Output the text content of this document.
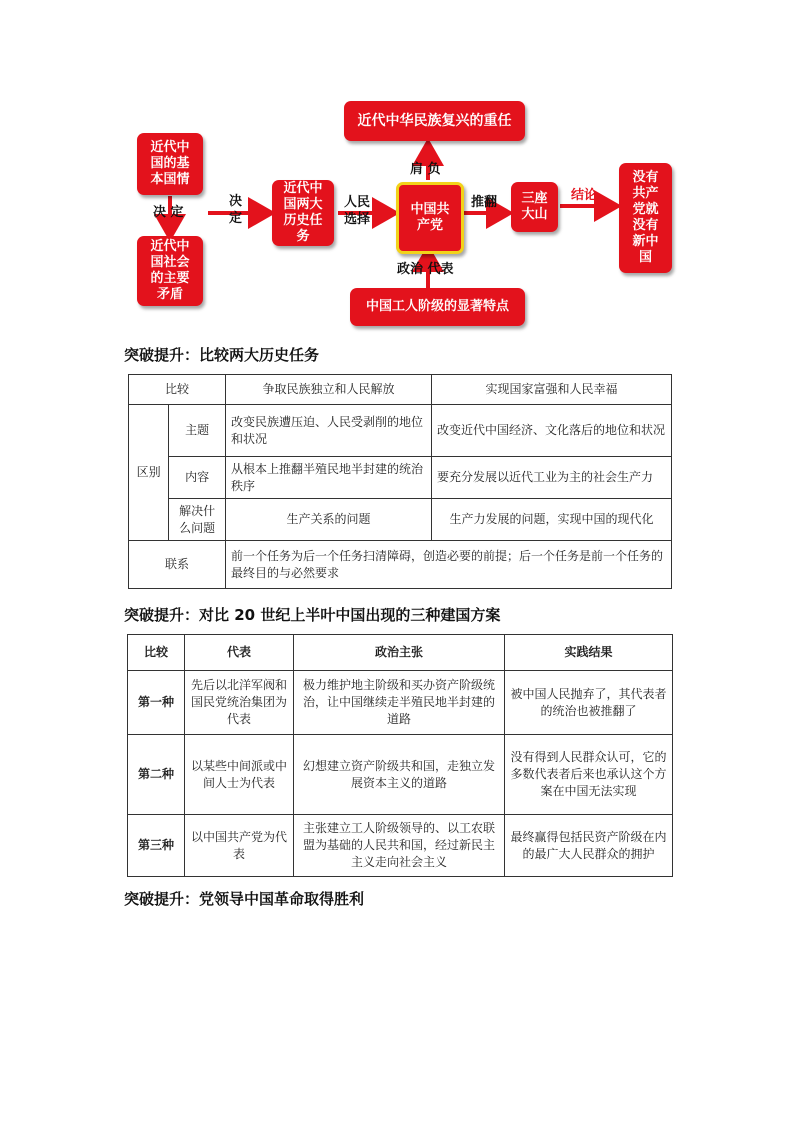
近代中
国的基
本国情
近代中
国社会
的主要
矛盾
近代中
国两大
历史任
务
中国共
产党
近代中华民族复兴的重任
中国工人阶级的显著特点
三座
大山
没有
共产
党就
没有
新中
国
决 定
决
定
人民
选择
肩 负
推翻	结论
政治 代表
突破提升：比较两大历史任务
比较		争取民族独立和人民解放	实现国家富强和人民幸福
区别	主题	改变民族遭压迫、人民受剥削的地位和状况	改变近代中国经济、文化落后的地位和状况
	内容	从根本上推翻半殖民地半封建的统治秩序	要充分发展以近代工业为主的社会生产力
	解决什么问题	生产关系的问题	生产力发展的问题，实现中国的现代化
联系		前一个任务为后一个任务扫清障碍，创造必要的前提；后一个任务是前一个任务的最终目的与必然要求	
突破提升：对比 20 世纪上半叶中国出现的三种建国方案
比较	代表	政治主张	实践结果
第一种	先后以北洋军阀和国民党统治集团为代表	极力维护地主阶级和买办资产阶级统治，让中国继续走半殖民地半封建的道路	被中国人民抛弃了，其代表者的统治也被推翻了
第二种	以某些中间派或中间人士为代表	幻想建立资产阶级共和国，走独立发展资本主义的道路	没有得到人民群众认可，它的多数代表者后来也承认这个方案在中国无法实现
第三种	以中国共产党为代表	主张建立工人阶级领导的、以工农联盟为基础的人民共和国，经过新民主主义走向社会主义	最终赢得包括民资产阶级在内的最广大人民群众的拥护
突破提升：党领导中国革命取得胜利
